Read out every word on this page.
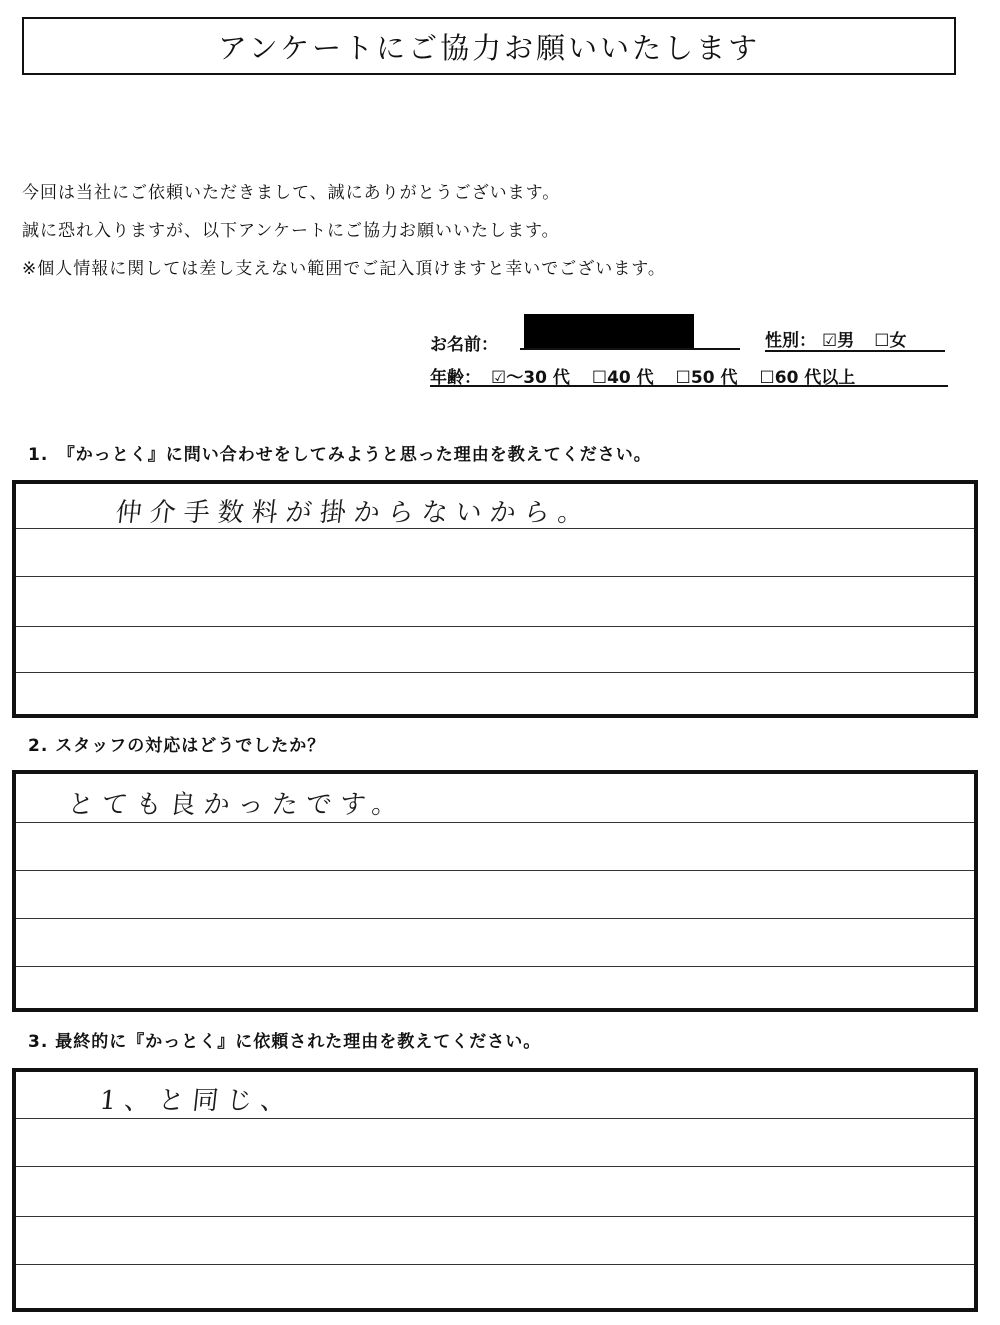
アンケートにご協力お願いいたします
今回は当社にご依頼いただきまして、誠にありがとうございます。
誠に恐れ入りますが、以下アンケートにご協力お願いいたします。
※個人情報に関しては差し支えない範囲でご記入頂けますと幸いでございます。
お名前：	性別： ☑男 ☐女
年齢： ☑～30 代 ☐40 代 ☐50 代 ☐60 代以上
1.　『かっとく』に問い合わせをしてみようと思った理由を教えてください。
仲介手数料が掛からないから。
2. スタッフの対応はどうでしたか？
とても良かったです。
3. 最終的に『かっとく』に依頼された理由を教えてください。
1、と同じ、
